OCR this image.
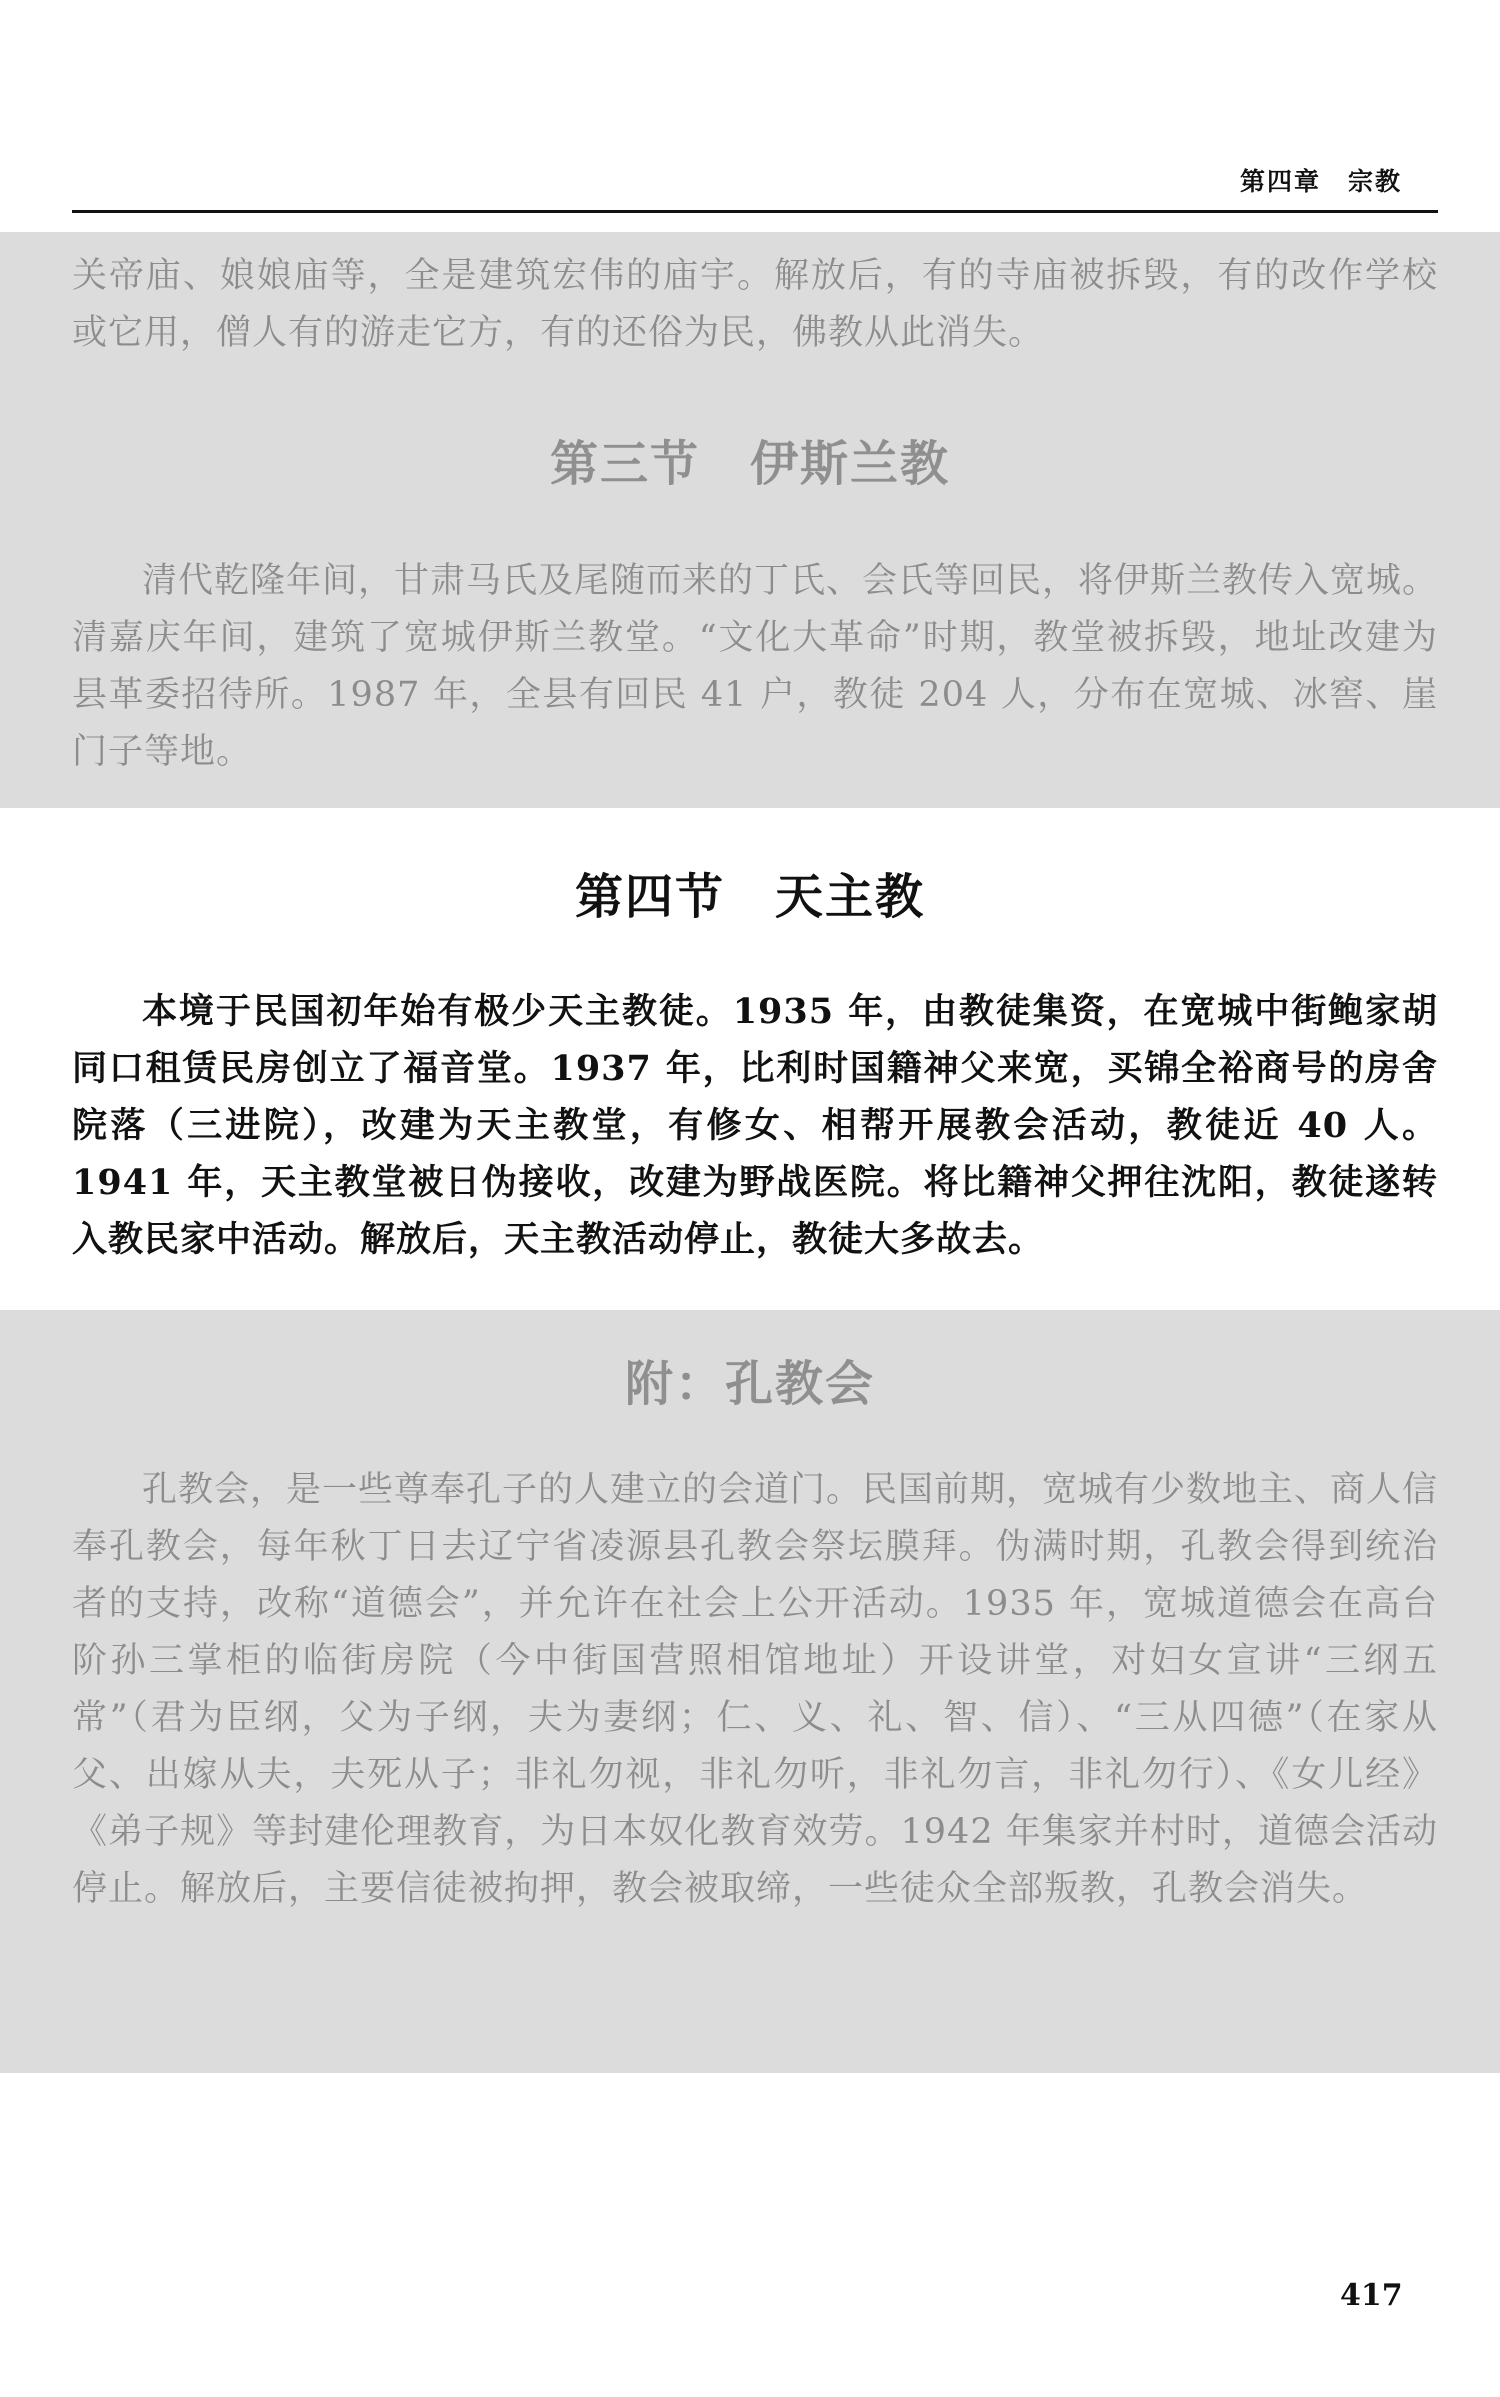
第四章　宗教

关帝庙、娘娘庙等，全是建筑宏伟的庙宇。解放后，有的寺庙被拆毁，有的改作学校或它用，僧人有的游走它方，有的还俗为民，佛教从此消失。

第三节　伊斯兰教

清代乾隆年间，甘肃马氏及尾随而来的丁氏、会氏等回民，将伊斯兰教传入宽城。清嘉庆年间，建筑了宽城伊斯兰教堂。“文化大革命”时期，教堂被拆毁，地址改建为县革委招待所。1987 年，全县有回民 41 户，教徒 204 人，分布在宽城、冰窖、崖门子等地。

第四节　天主教

本境于民国初年始有极少天主教徒。1935 年，由教徒集资，在宽城中街鲍家胡同口租赁民房创立了福音堂。1937 年，比利时国籍神父来宽，买锦全裕商号的房舍院落（三进院），改建为天主教堂，有修女、相帮开展教会活动，教徒近 40 人。1941 年，天主教堂被日伪接收，改建为野战医院。将比籍神父押往沈阳，教徒遂转入教民家中活动。解放后，天主教活动停止，教徒大多故去。

附：孔教会

孔教会，是一些尊奉孔子的人建立的会道门。民国前期，宽城有少数地主、商人信奉孔教会，每年秋丁日去辽宁省凌源县孔教会祭坛膜拜。伪满时期，孔教会得到统治者的支持，改称“道德会”，并允许在社会上公开活动。1935 年，宽城道德会在高台阶孙三掌柜的临街房院（今中街国营照相馆地址）开设讲堂，对妇女宣讲“三纲五常”（君为臣纲，父为子纲，夫为妻纲；仁、义、礼、智、信）、“三从四德”（在家从父、出嫁从夫，夫死从子；非礼勿视，非礼勿听，非礼勿言，非礼勿行）、《女儿经》《弟子规》等封建伦理教育，为日本奴化教育效劳。1942 年集家并村时，道德会活动停止。解放后，主要信徒被拘押，教会被取缔，一些徒众全部叛教，孔教会消失。

417
